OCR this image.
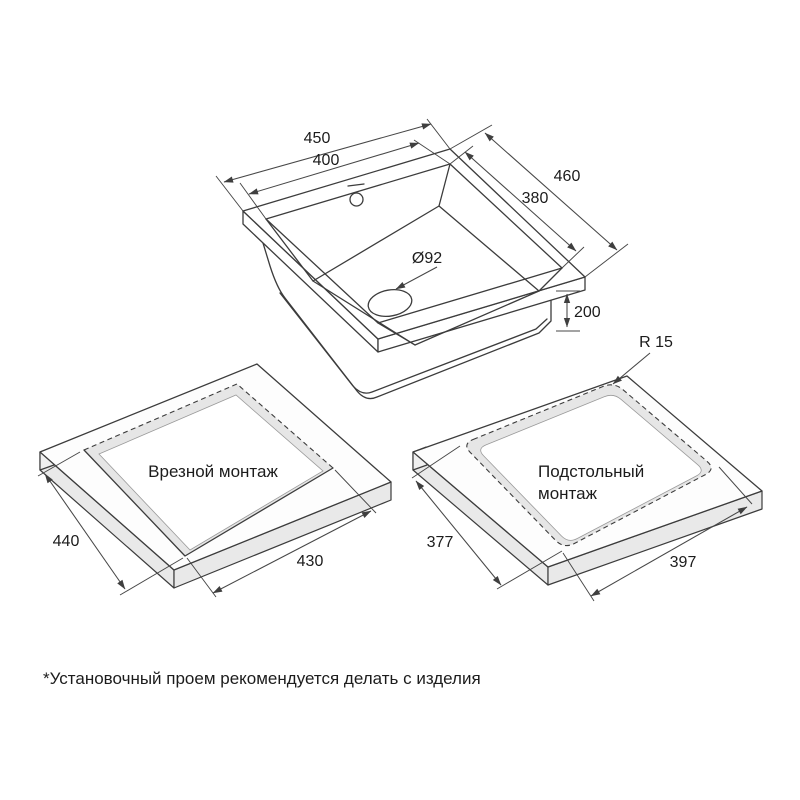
450
400
460
380
Ø92
200
Врезной монтаж
440
430
Подстольный
монтаж
R 15
377
397
*Установочный проем рекомендуется делать с изделия
